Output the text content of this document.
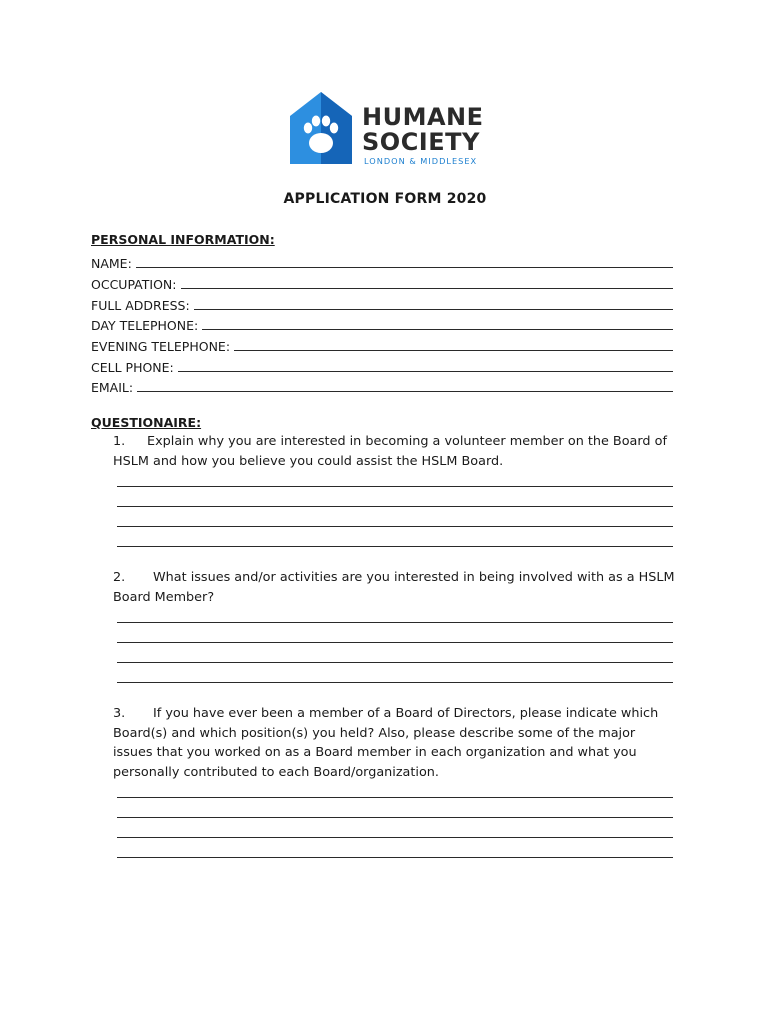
HUMANE
SOCIETY
LONDON & MIDDLESEX
APPLICATION FORM 2020
PERSONAL INFORMATION:
NAME:
OCCUPATION:
FULL ADDRESS:
DAY TELEPHONE:
EVENING TELEPHONE:
CELL PHONE:
EMAIL:
QUESTIONAIRE:
1. Explain why you are interested in becoming a volunteer member on the Board of HSLM and how you believe you could assist the HSLM Board.
2. What issues and/or activities are you interested in being involved with as a HSLM Board Member?
3. If you have ever been a member of a Board of Directors, please indicate which Board(s) and which position(s) you held? Also, please describe some of the major issues that you worked on as a Board member in each organization and what you personally contributed to each Board/organization.
